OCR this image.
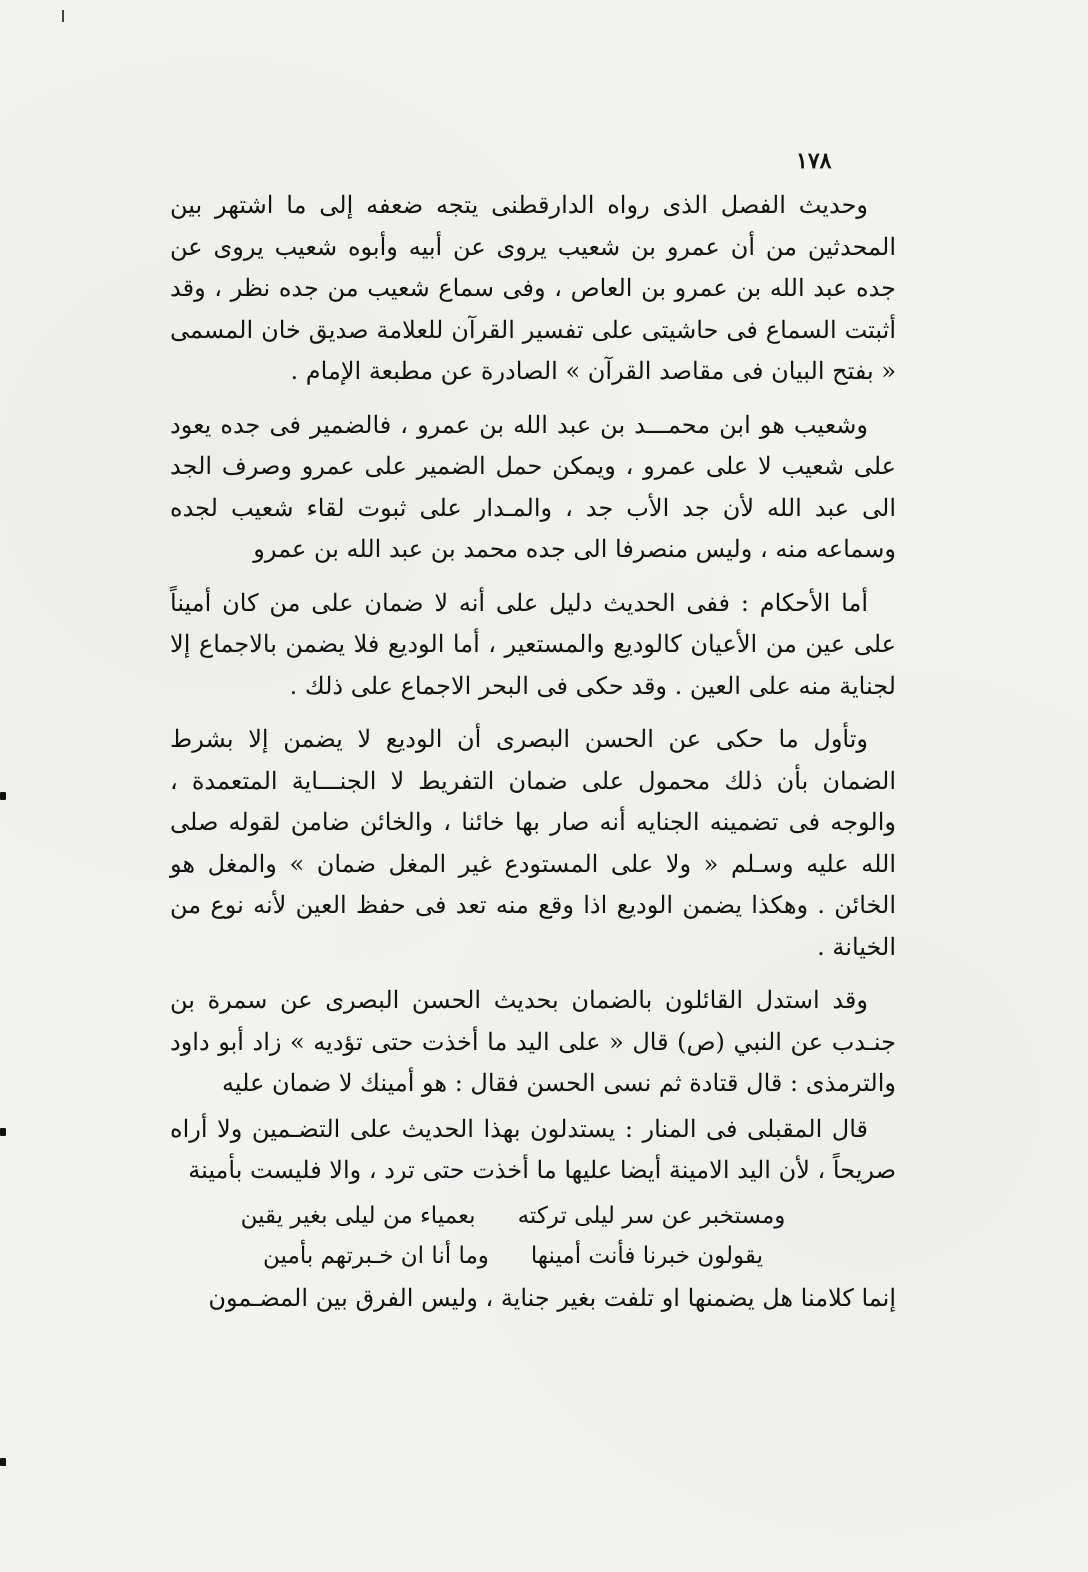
١٧٨

وحديث الفصل الذى رواه الدارقطنى يتجه ضعفه إلى ما اشتهر بين المحدثين من أن عمرو بن شعيب يروى عن أبيه وأبوه شعيب يروى عن جده عبد الله بن عمرو بن العاص ، وفى سماع شعيب من جده نظر ، وقد أثبتت السماع فى حاشيتى على تفسير القرآن للعلامة صديق خان المسمى « بفتح البيان فى مقاصد القرآن » الصادرة عن مطبعة الإمام .

وشعيب هو ابن محمـــد بن عبد الله بن عمرو ، فالضمير فى جده يعود على شعيب لا على عمرو ، ويمكن حمل الضمير على عمرو وصرف الجد الى عبد الله لأن جد الأب جد ، والمـدار على ثبوت لقاء شعيب لجده وسماعه منه ، وليس منصرفا الى جده محمد بن عبد الله بن عمرو

أما الأحكام : ففى الحديث دليل على أنه لا ضمان على من كان أميناً على عين من الأعيان كالوديع والمستعير ، أما الوديع فلا يضمن بالاجماع إلا لجناية منه على العين . وقد حكى فى البحر الاجماع على ذلك .

وتأول ما حكى عن الحسن البصرى أن الوديع لا يضمن إلا بشرط الضمان بأن ذلك محمول على ضمان التفريط لا الجنـــاية المتعمدة ، والوجه فى تضمينه الجنايه أنه صار بها خائنا ، والخائن ضامن لقوله صلى الله عليه وسـلم « ولا على المستودع غير المغل ضمان » والمغل هو الخائن . وهكذا يضمن الوديع اذا وقع منه تعد فى حفظ العين لأنه نوع من الخيانة .

وقد استدل القائلون بالضمان بحديث الحسن البصرى عن سمرة بن جنـدب عن النبي (ص) قال « على اليد ما أخذت حتى تؤديه » زاد أبو داود والترمذى : قال قتادة ثم نسى الحسن فقال : هو أمينك لا ضمان عليه

قال المقبلى فى المنار : يستدلون بهذا الحديث على التضـمين ولا أراه صريحاً ، لأن اليد الامينة أيضا عليها ما أخذت حتى ترد ، والا فليست بأمينة

ومستخبر عن سر ليلى تركته
بعمياء من ليلى بغير يقين
يقولون خبرنا فأنت أمينها
وما أنا ان خـبرتهم بأمين

إنما كلامنا هل يضمنها او تلفت بغير جناية ، وليس الفرق بين المضـمون
